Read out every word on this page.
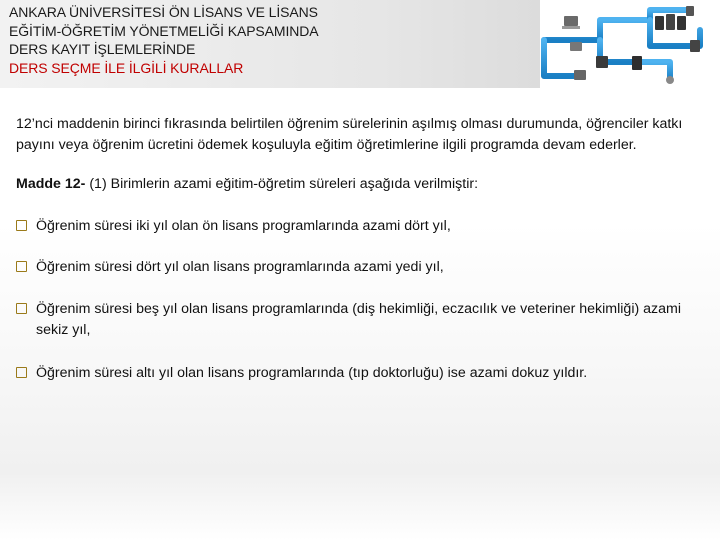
ANKARA ÜNİVERSİTESİ ÖN LİSANS VE LİSANS
EĞİTİM-ÖĞRETİM YÖNETMELİĞİ KAPSAMINDA
DERS KAYIT İŞLEMLERİNDE
DERS SEÇME İLE İLGİLİ KURALLAR

12’nci maddenin birinci fıkrasında belirtilen öğrenim sürelerinin aşılmış olması durumunda, öğrenciler katkı payını veya öğrenim ücretini ödemek koşuluyla eğitim öğretimlerine ilgili programda devam ederler.

Madde 12- (1) Birimlerin azami eğitim-öğretim süreleri aşağıda verilmiştir:
Öğrenim süresi iki yıl olan ön lisans programlarında azami dört yıl,
Öğrenim süresi dört yıl olan lisans programlarında azami yedi yıl,
Öğrenim süresi beş yıl olan lisans programlarında (diş hekimliği, eczacılık ve veteriner hekimliği) azami sekiz yıl,
Öğrenim süresi altı yıl olan lisans programlarında (tıp doktorluğu) ise azami dokuz yıldır.
